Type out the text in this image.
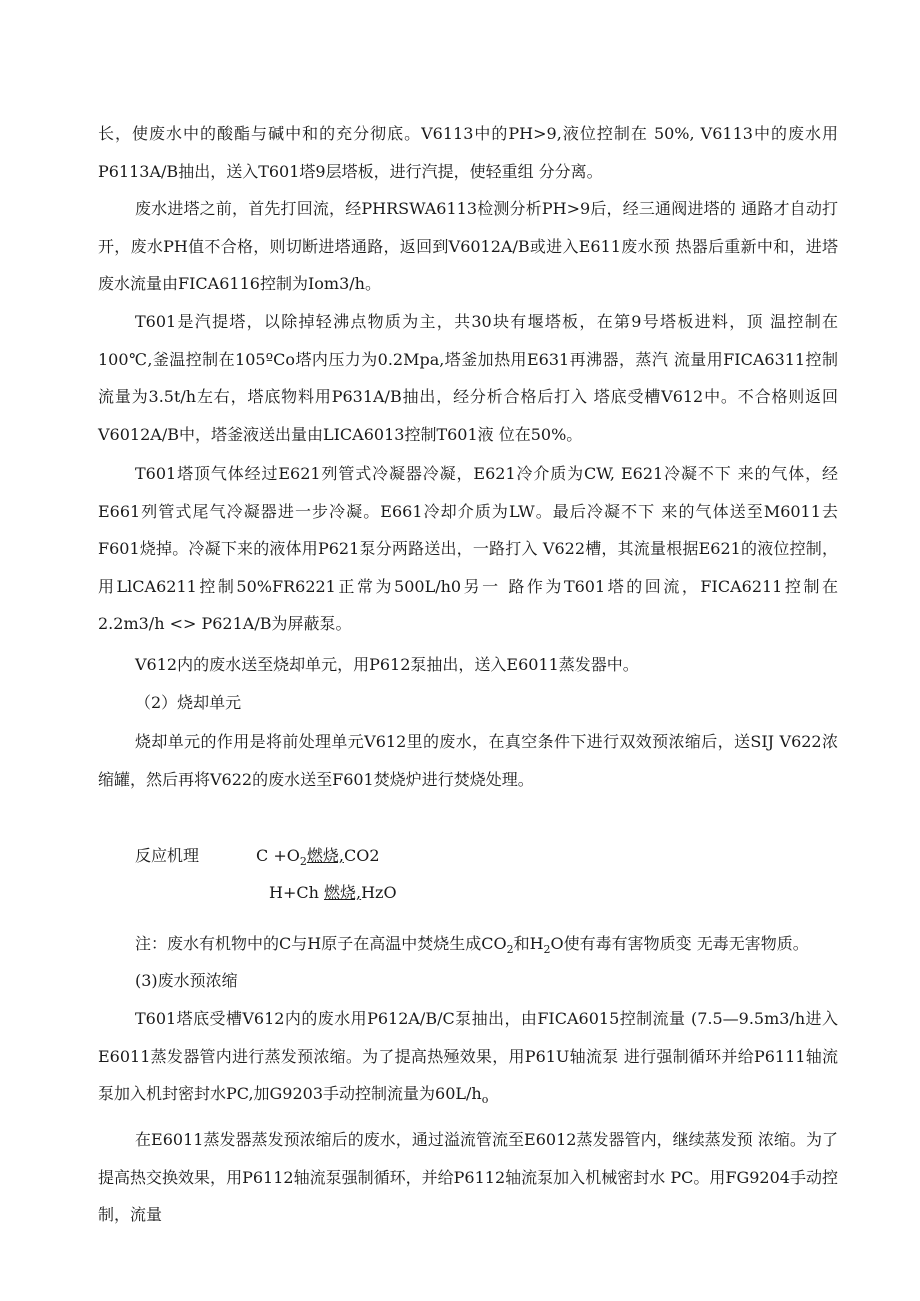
长，使废水中的酸酯与碱中和的充分彻底。V6113中的PH>9,液位控制在 50%, V6113中的废水用P6113A/B抽出，送入T601塔9层塔板，进行汽提，使轻重组 分分离。

废水进塔之前，首先打回流，经PHRSWA6113检测分析PH>9后，经三通阀进塔的 通路才自动打开，废水PH值不合格，则切断进塔通路，返回到V6012A/B或进入E611废水预 热器后重新中和，进塔废水流量由FICA6116控制为Iom3/h。

T601是汽提塔，以除掉轻沸点物质为主，共30块有堰塔板，在第9号塔板进料，顶 温控制在100℃,釜温控制在105ºCo塔内压力为0.2Mpa,塔釜加热用E631再沸器，蒸汽 流量用FICA6311控制流量为3.5t∕h左右，塔底物料用P631A/B抽出，经分析合格后打入 塔底受槽V612中。不合格则返回V6012A/B中，塔釜液送出量由LICA6013控制T601液 位在50%。

T601塔顶气体经过E621列管式冷凝器冷凝，E621冷介质为CW, E621冷凝不下 来的气体，经E661列管式尾气冷凝器进一步冷凝。E661冷却介质为LW。最后冷凝不下 来的气体送至M6011去F601烧掉。冷凝下来的液体用P621泵分两路送出，一路打入 V622槽，其流量根据E621的液位控制，用LlCA6211控制50%FR6221正常为500L∕h0另一 路作为T601塔的回流，FICA6211控制在2.2m3∕h <> P621A/B为屏蔽泵。

V612内的废水送至烧却单元，用P612泵抽出，送入E6011蒸发器中。

（2）烧却单元

烧却单元的作用是将前处理单元V612里的废水，在真空条件下进行双效预浓缩后，送SIJ V622浓缩罐，然后再将V622的废水送至F601焚烧炉进行焚烧处理。

反应机理	$C +O_2$燃烧,CO2
H+Ch 燃烧,HzO
注：废水有机物中的C与H原子在高温中焚烧生成$CO_2$和$H_2O$使有毒有害物质变 无毒无害物质。
(3)废水预浓缩

T601塔底受槽V612内的废水用P612A/B/C泵抽出，由FICA6015控制流量 (7.5—9.5m3∕h进入E6011蒸发器管内进行蒸发预浓缩。为了提高热殛效果，用P61U轴流泵 进行强制循环并给P6111轴流泵加入机封密封水PC,加G9203手动控制流量为$60L∕h_o$

在E6011蒸发器蒸发预浓缩后的废水，通过溢流管流至E6012蒸发器管内，继续蒸发预 浓缩。为了提高热交换效果，用P6112轴流泵强制循环，并给P6112轴流泵加入机械密封水 PC。用FG9204手动控制，流量
